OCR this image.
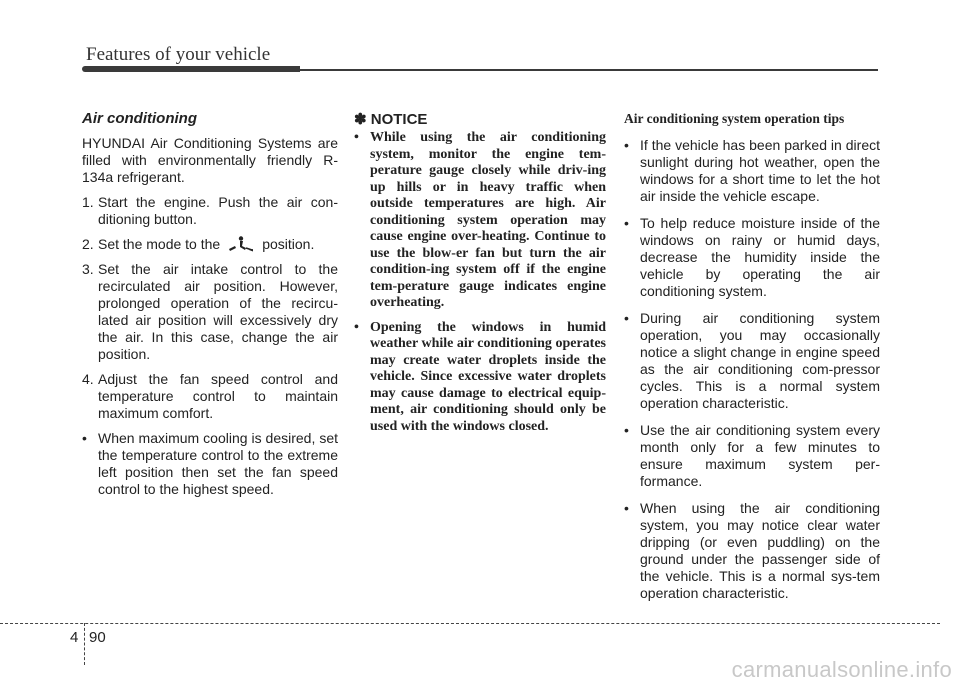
Features of your vehicle
Air conditioning

HYUNDAI Air Conditioning Systems are filled with environmentally friendly R-134a refrigerant.

1. Start the engine. Push the air con-ditioning button.
2. Set the mode to the	position.
3. Set the air intake control to the recirculated air position. However, prolonged operation of the recircu-lated air position will excessively dry the air. In this case, change the air position.
4. Adjust the fan speed control and temperature control to maintain maximum comfort.
• When maximum cooling is desired, set the temperature control to the extreme left position then set the fan speed control to the highest speed.
✽ NOTICE
• While using the air conditioning system, monitor the engine tem-perature gauge closely while driv-ing up hills or in heavy traffic when outside temperatures are high. Air conditioning system operation may cause engine over-heating. Continue to use the blow-er fan but turn the air condition-ing system off if the engine tem-perature gauge indicates engine overheating.
• Opening the windows in humid weather while air conditioning operates may create water droplets inside the vehicle. Since excessive water droplets may cause damage to electrical equip-ment, air conditioning should only be used with the windows closed.
Air conditioning system operation tips
• If the vehicle has been parked in direct sunlight during hot weather, open the windows for a short time to let the hot air inside the vehicle escape.
• To help reduce moisture inside of the windows on rainy or humid days, decrease the humidity inside the vehicle by operating the air conditioning system.
• During air conditioning system operation, you may occasionally notice a slight change in engine speed as the air conditioning com-pressor cycles. This is a normal system operation characteristic.
• Use the air conditioning system every month only for a few minutes to ensure maximum system per-formance.
• When using the air conditioning system, you may notice clear water dripping (or even puddling) on the ground under the passenger side of the vehicle. This is a normal sys-tem operation characteristic.
4 90
carmanualsonline.info
